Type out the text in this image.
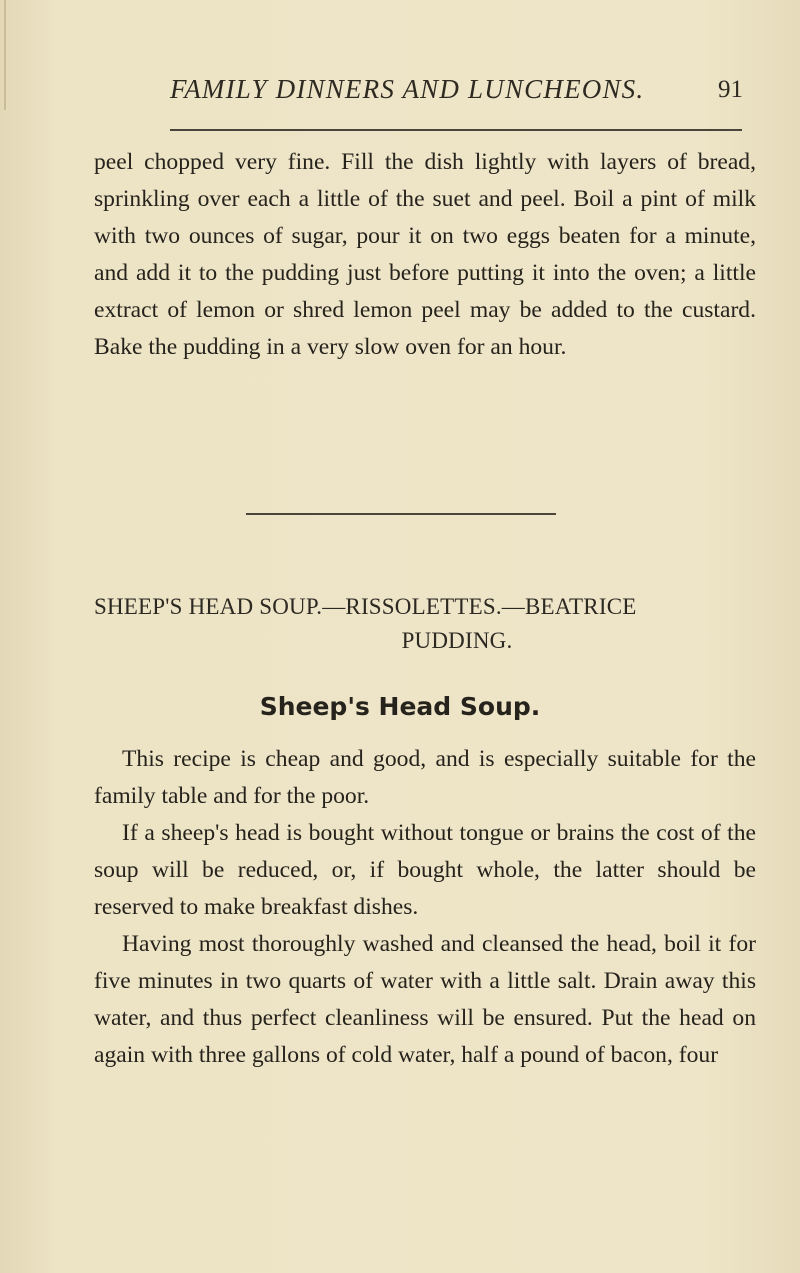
FAMILY DINNERS AND LUNCHEONS.	91
peel chopped very fine. Fill the dish lightly with layers of bread, sprinkling over each a little of the suet and peel. Boil a pint of milk with two ounces of sugar, pour it on two eggs beaten for a minute, and add it to the pudding just before putting it into the oven; a little extract of lemon or shred lemon peel may be added to the custard. Bake the pudding in a very slow oven for an hour.
SHEEP'S HEAD SOUP.—RISSOLETTES.—BEATRICE
PUDDING.
Sheep's Head Soup.

This recipe is cheap and good, and is especially suitable for the family table and for the poor.

If a sheep's head is bought without tongue or brains the cost of the soup will be reduced, or, if bought whole, the latter should be reserved to make breakfast dishes.

Having most thoroughly washed and cleansed the head, boil it for five minutes in two quarts of water with a little salt. Drain away this water, and thus perfect cleanliness will be ensured. Put the head on again with three gallons of cold water, half a pound of bacon, four
